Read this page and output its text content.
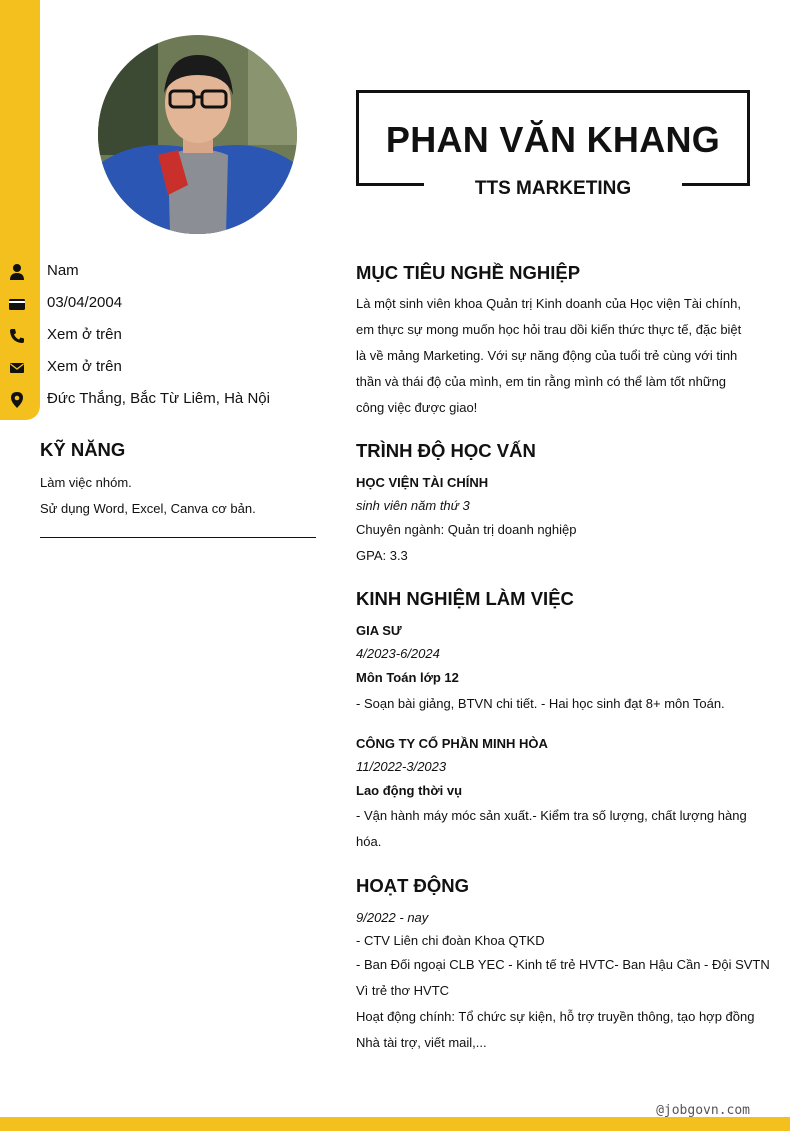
PHAN VĂN KHANG
TTS MARKETING
Nam
03/04/2004
Xem ở trên
Xem ở trên
Đức Thắng, Bắc Từ Liêm, Hà Nội
KỸ NĂNG
Làm việc nhóm.
Sử dụng Word, Excel, Canva cơ bản.
MỤC TIÊU NGHỀ NGHIỆP
Là một sinh viên khoa Quản trị Kinh doanh của Học viện Tài chính,
em thực sự mong muốn học hỏi trau dồi kiến thức thực tế, đặc biệt
là về mảng Marketing. Với sự năng động của tuổi trẻ cùng với tinh
thần và thái độ của mình, em tin rằng mình có thể làm tốt những
công việc được giao!
TRÌNH ĐỘ HỌC VẤN
HỌC VIỆN TÀI CHÍNH
sinh viên năm thứ 3
Chuyên ngành: Quản trị doanh nghiệp
GPA: 3.3
KINH NGHIỆM LÀM VIỆC
GIA SƯ
4/2023-6/2024
Môn Toán lớp 12
- Soạn bài giảng, BTVN chi tiết. - Hai học sinh đạt 8+ môn Toán.
CÔNG TY CỔ PHẦN MINH HÒA
11/2022-3/2023
Lao động thời vụ
- Vận hành máy móc sản xuất.- Kiểm tra số lượng, chất lượng hàng
hóa.
HOẠT ĐỘNG
9/2022 - nay
- CTV Liên chi đoàn Khoa QTKD
- Ban Đối ngoại CLB YEC - Kinh tế trẻ HVTC- Ban Hậu Cần - Đội SVTN
Vì trẻ thơ HVTC
Hoạt động chính: Tổ chức sự kiện, hỗ trợ truyền thông, tạo hợp đồng
Nhà tài trợ, viết mail,...
@jobgovn.com
